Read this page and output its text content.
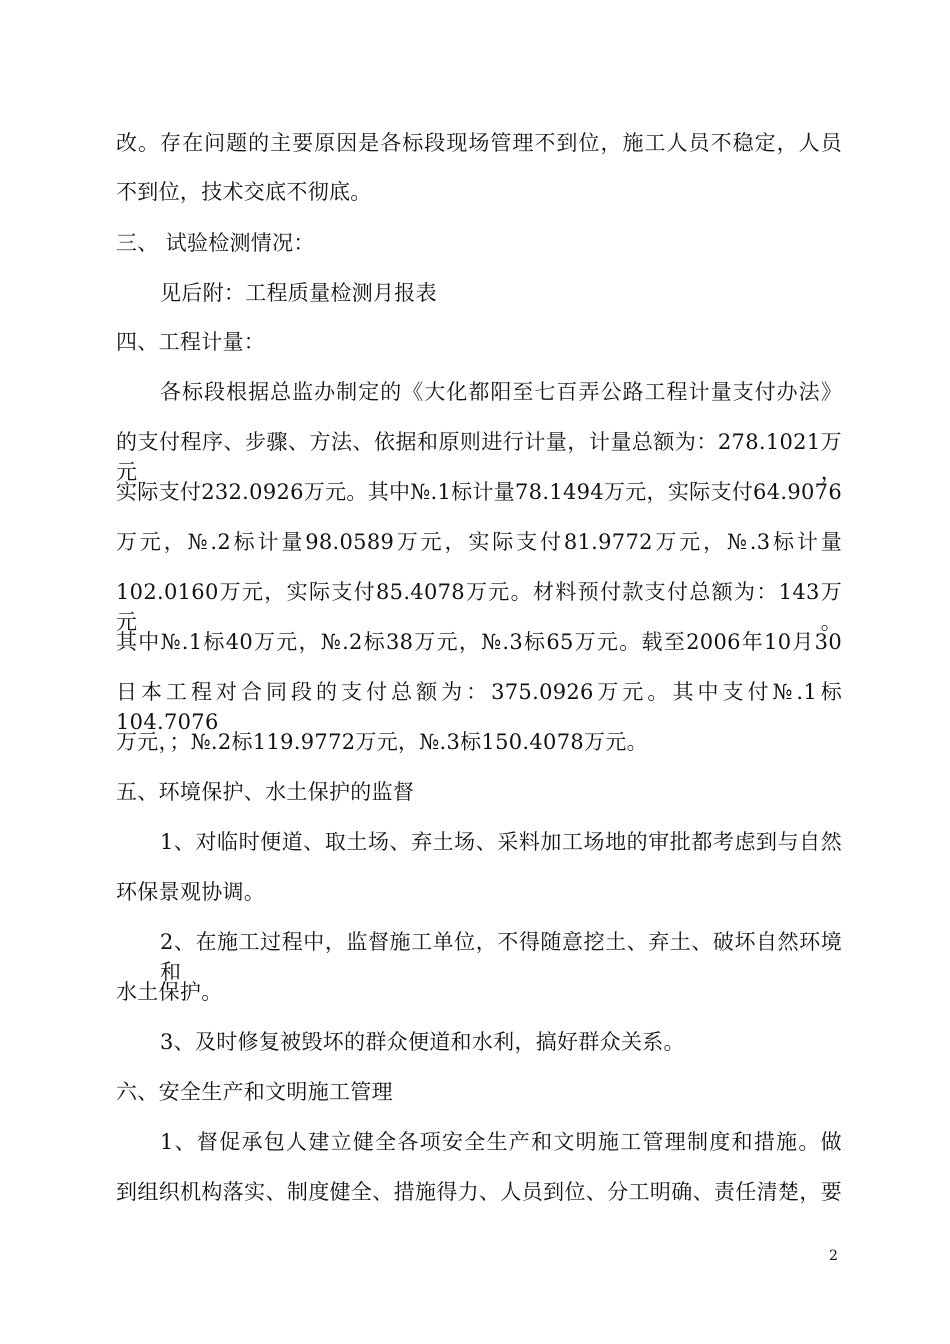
改。存在问题的主要原因是各标段现场管理不到位，施工人员不稳定，人员
不到位，技术交底不彻底。
三、 试验检测情况：
见后附：工程质量检测月报表
四、工程计量：
各标段根据总监办制定的《大化都阳至七百弄公路工程计量支付办法》
的支付程序、步骤、方法、依据和原则进行计量，计量总额为：278.1021万元，
实际支付232.0926万元。其中№.1标计量78.1494万元，实际支付64.9076
万元，№.2标计量98.0589万元，实际支付81.9772万元，№.3标计量
102.0160万元，实际支付85.4078万元。材料预付款支付总额为：143万元。
其中№.1标40万元，№.2标38万元，№.3标65万元。载至2006年10月30
日本工程对合同段的支付总额为：375.0926万元。其中支付№.1标104.7076
万元，；№.2标119.9772万元，№.3标150.4078万元。
五、环境保护、水土保护的监督
1、对临时便道、取土场、弃土场、采料加工场地的审批都考虑到与自然
环保景观协调。
2、在施工过程中，监督施工单位，不得随意挖土、弃土、破坏自然环境和
水土保护。
3、及时修复被毁坏的群众便道和水利，搞好群众关系。
六、安全生产和文明施工管理
1、督促承包人建立健全各项安全生产和文明施工管理制度和措施。做
到组织机构落实、制度健全、措施得力、人员到位、分工明确、责任清楚，要
2
